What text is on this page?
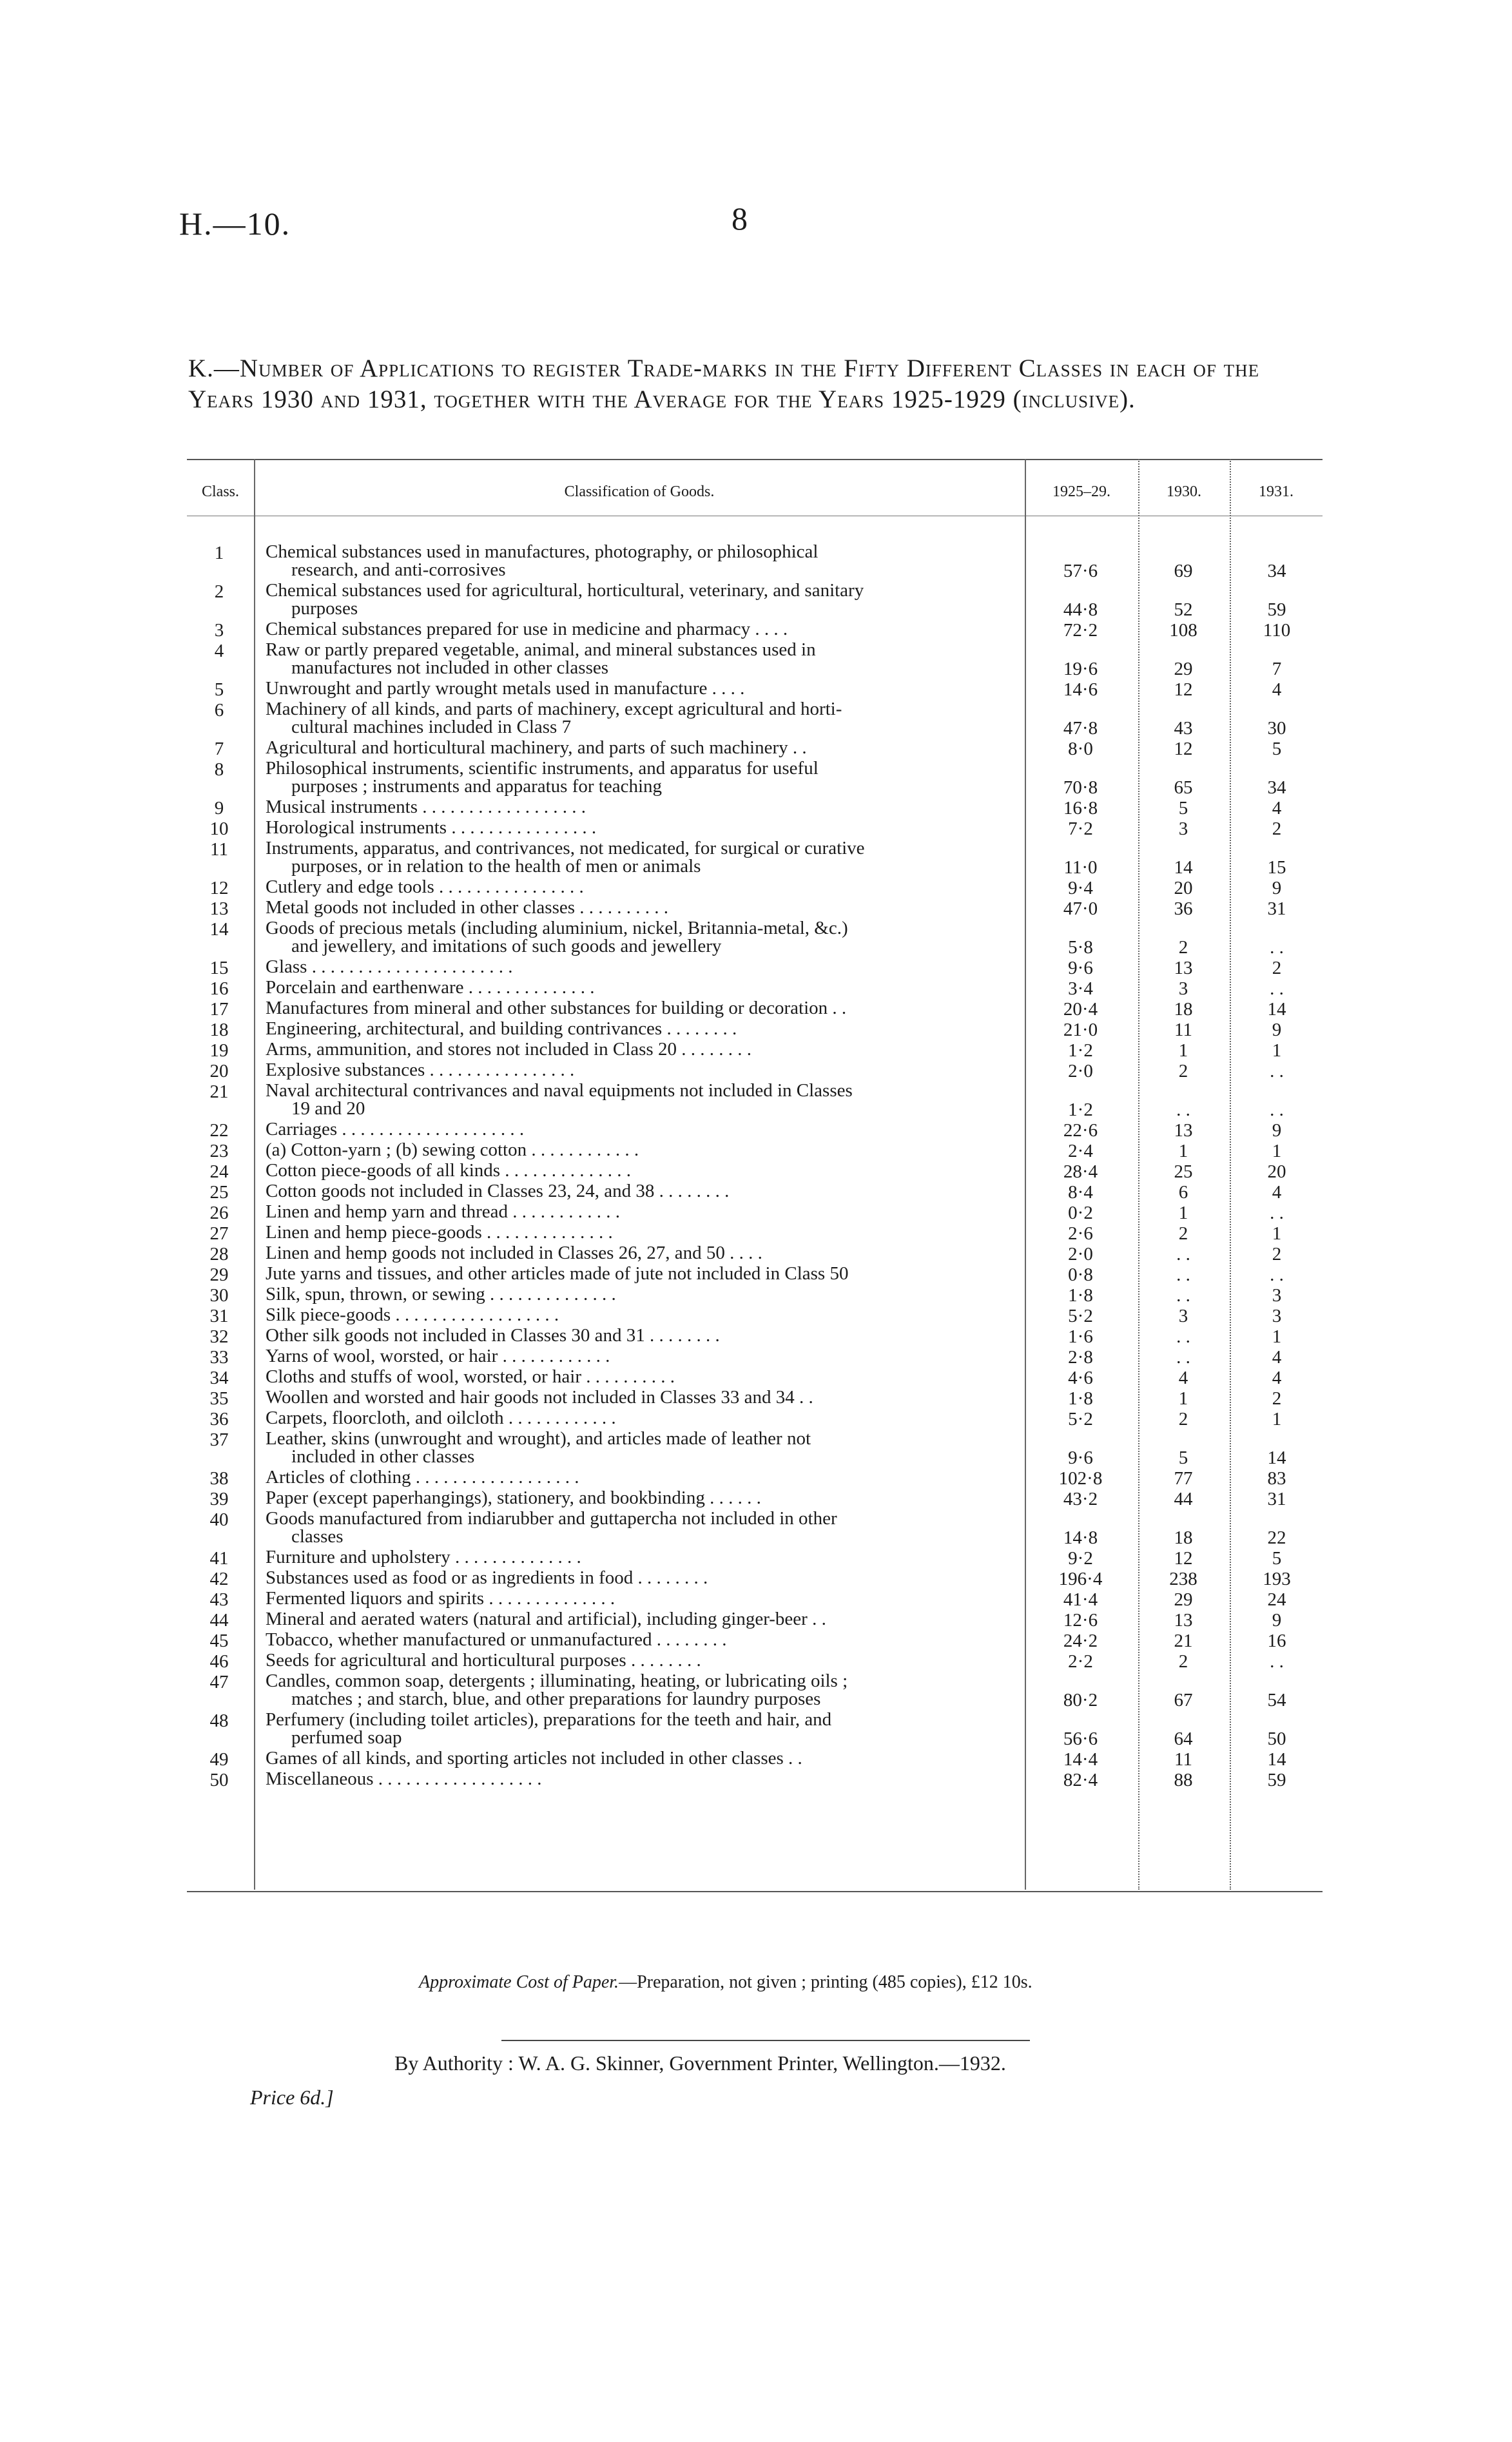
H.—10.	8
K.—Number of Applications to register Trade-marks in the Fifty Different Classes in each of the Years 1930 and 1931, together with the Average for the Years 1925-1929 (inclusive).
Class.	Classification of Goods.	1925–29.	1930.	1931.
1	Chemical substances used in manufactures, photography, or philosophical
research, and anti-corrosives	57·6	69	34
2	Chemical substances used for agricultural, horticultural, veterinary, and sanitary
purposes	44·8	52	59
3	Chemical substances prepared for use in medicine and pharmacy . . . .	72·2	108	110
4	Raw or partly prepared vegetable, animal, and mineral substances used in
manufactures not included in other classes	19·6	29	7
5	Unwrought and partly wrought metals used in manufacture . . . .	14·6	12	4
6	Machinery of all kinds, and parts of machinery, except agricultural and horti-
cultural machines included in Class 7	47·8	43	30
7	Agricultural and horticultural machinery, and parts of such machinery . .	8·0	12	5
8	Philosophical instruments, scientific instruments, and apparatus for useful
purposes ; instruments and apparatus for teaching	70·8	65	34
9	Musical instruments . . . . . . . . . . . . . . . . . .	16·8	5	4
10	Horological instruments . . . . . . . . . . . . . . . .	7·2	3	2
11	Instruments, apparatus, and contrivances, not medicated, for surgical or curative
purposes, or in relation to the health of men or animals	11·0	14	15
12	Cutlery and edge tools . . . . . . . . . . . . . . . .	9·4	20	9
13	Metal goods not included in other classes . . . . . . . . . .	47·0	36	31
14	Goods of precious metals (including aluminium, nickel, Britannia-metal, &c.)
and jewellery, and imitations of such goods and jewellery	5·8	2	. .
15	Glass . . . . . . . . . . . . . . . . . . . . . .	9·6	13	2
16	Porcelain and earthenware . . . . . . . . . . . . . .	3·4	3	. .
17	Manufactures from mineral and other substances for building or decoration . .	20·4	18	14
18	Engineering, architectural, and building contrivances . . . . . . . .	21·0	11	9
19	Arms, ammunition, and stores not included in Class 20 . . . . . . . .	1·2	1	1
20	Explosive substances . . . . . . . . . . . . . . . .	2·0	2	. .
21	Naval architectural contrivances and naval equipments not included in Classes
19 and 20	1·2	. .	. .
22	Carriages . . . . . . . . . . . . . . . . . . . .	22·6	13	9
23	(a) Cotton-yarn ; (b) sewing cotton . . . . . . . . . . . .	2·4	1	1
24	Cotton piece-goods of all kinds . . . . . . . . . . . . . .	28·4	25	20
25	Cotton goods not included in Classes 23, 24, and 38 . . . . . . . .	8·4	6	4
26	Linen and hemp yarn and thread . . . . . . . . . . . .	0·2	1	. .
27	Linen and hemp piece-goods . . . . . . . . . . . . . .	2·6	2	1
28	Linen and hemp goods not included in Classes 26, 27, and 50 . . . .	2·0	. .	2
29	Jute yarns and tissues, and other articles made of jute not included in Class 50	0·8	. .	. .
30	Silk, spun, thrown, or sewing . . . . . . . . . . . . . .	1·8	. .	3
31	Silk piece-goods . . . . . . . . . . . . . . . . . .	5·2	3	3
32	Other silk goods not included in Classes 30 and 31 . . . . . . . .	1·6	. .	1
33	Yarns of wool, worsted, or hair . . . . . . . . . . . .	2·8	. .	4
34	Cloths and stuffs of wool, worsted, or hair . . . . . . . . . .	4·6	4	4
35	Woollen and worsted and hair goods not included in Classes 33 and 34 . .	1·8	1	2
36	Carpets, floorcloth, and oilcloth . . . . . . . . . . . .	5·2	2	1
37	Leather, skins (unwrought and wrought), and articles made of leather not
included in other classes	9·6	5	14
38	Articles of clothing . . . . . . . . . . . . . . . . . .	102·8	77	83
39	Paper (except paperhangings), stationery, and bookbinding . . . . . .	43·2	44	31
40	Goods manufactured from indiarubber and guttapercha not included in other
classes	14·8	18	22
41	Furniture and upholstery . . . . . . . . . . . . . .	9·2	12	5
42	Substances used as food or as ingredients in food . . . . . . . .	196·4	238	193
43	Fermented liquors and spirits . . . . . . . . . . . . . .	41·4	29	24
44	Mineral and aerated waters (natural and artificial), including ginger-beer . .	12·6	13	9
45	Tobacco, whether manufactured or unmanufactured . . . . . . . .	24·2	21	16
46	Seeds for agricultural and horticultural purposes . . . . . . . .	2·2	2	. .
47	Candles, common soap, detergents ; illuminating, heating, or lubricating oils ;
matches ; and starch, blue, and other preparations for laundry purposes	80·2	67	54
48	Perfumery (including toilet articles), preparations for the teeth and hair, and
perfumed soap	56·6	64	50
49	Games of all kinds, and sporting articles not included in other classes . .	14·4	11	14
50	Miscellaneous . . . . . . . . . . . . . . . . . .	82·4	88	59
Approximate Cost of Paper.—Preparation, not given ; printing (485 copies), £12 10s.
By Authority : W. A. G. Skinner, Government Printer, Wellington.—1932.
Price 6d.]
